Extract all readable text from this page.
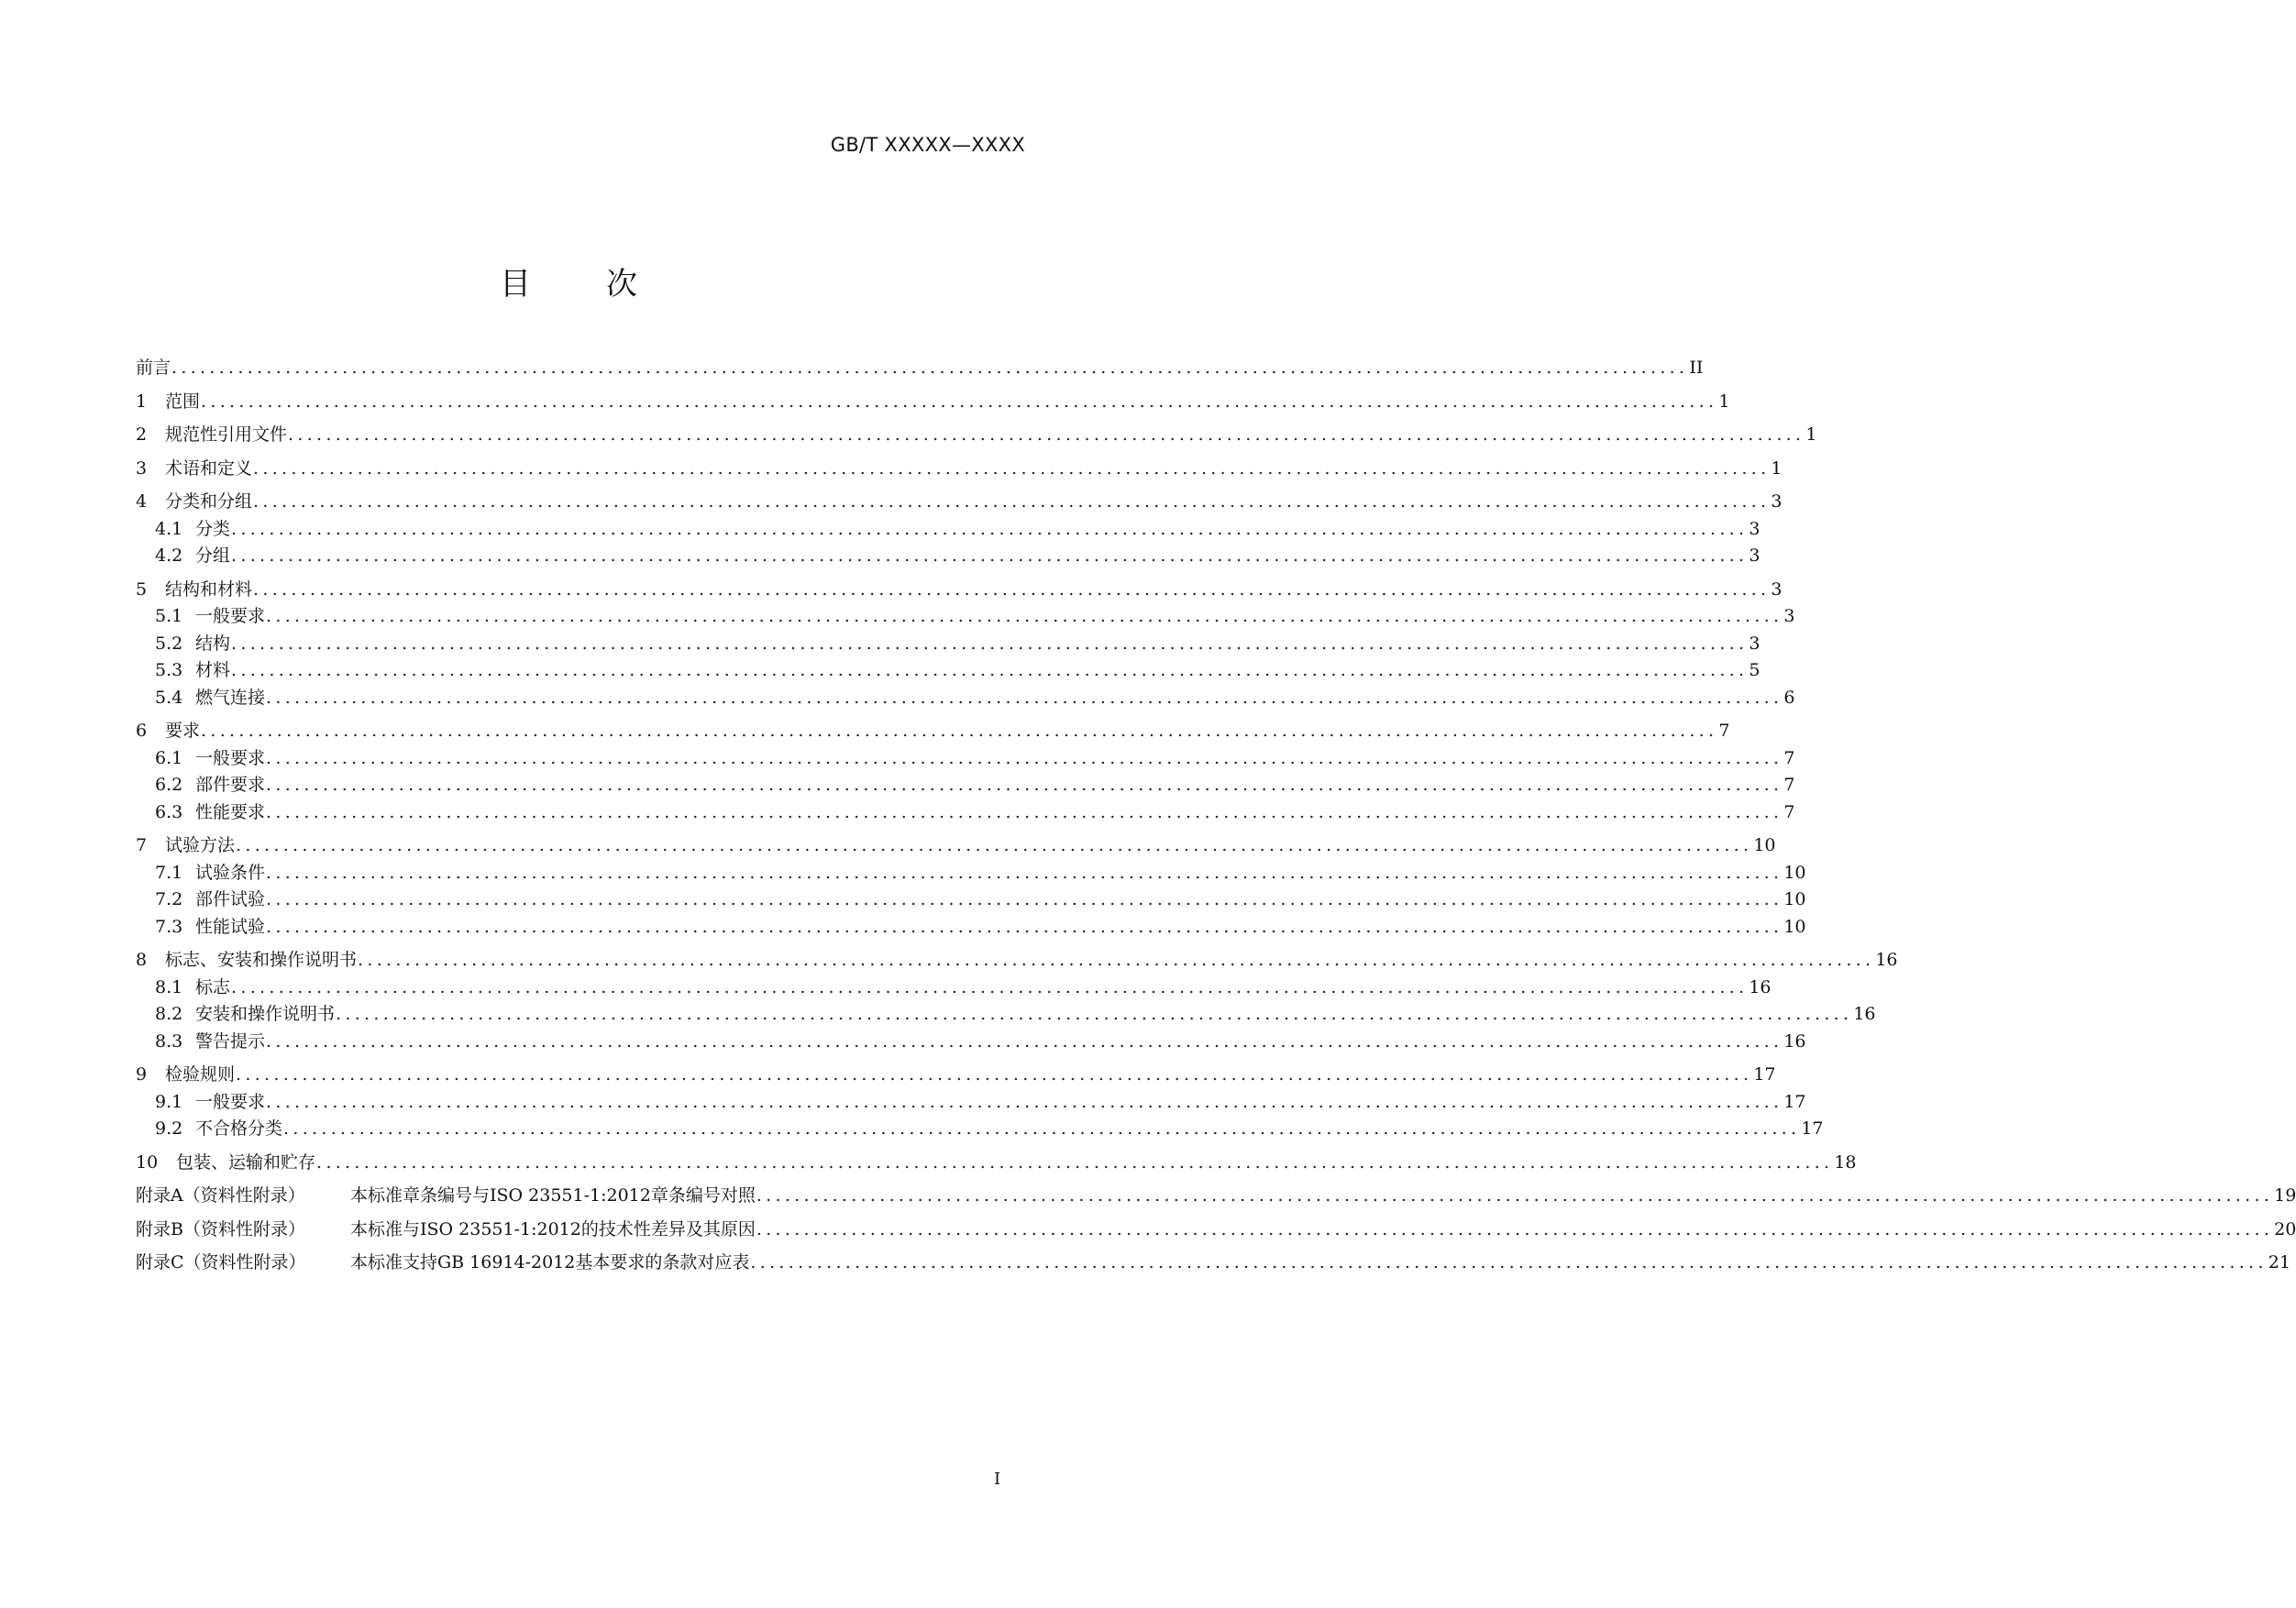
GB/T XXXXX—XXXX
目 次
前言 ................................................................................................................................................................ II
1	范围 ................................................................................................................................................................ 1
2	规范性引用文件 ................................................................................................................................................................ 1
3	术语和定义 ................................................................................................................................................................ 1
4	分类和分组 ................................................................................................................................................................ 3
4.1 分类 ................................................................................................................................................................ 3
4.2 分组 ................................................................................................................................................................ 3
5	结构和材料 ................................................................................................................................................................ 3
5.1 一般要求 ................................................................................................................................................................ 3
5.2 结构 ................................................................................................................................................................ 3
5.3 材料 ................................................................................................................................................................ 5
5.4 燃气连接 ................................................................................................................................................................ 6
6	要求 ................................................................................................................................................................ 7
6.1 一般要求 ................................................................................................................................................................ 7
6.2 部件要求 ................................................................................................................................................................ 7
6.3 性能要求 ................................................................................................................................................................ 7
7	试验方法 ................................................................................................................................................................ 10
7.1 试验条件 ................................................................................................................................................................ 10
7.2 部件试验 ................................................................................................................................................................ 10
7.3 性能试验 ................................................................................................................................................................ 10
8	标志、安装和操作说明书 ................................................................................................................................................................ 16
8.1 标志 ................................................................................................................................................................ 16
8.2 安装和操作说明书 ................................................................................................................................................................ 16
8.3 警告提示 ................................................................................................................................................................ 16
9	检验规则 ................................................................................................................................................................ 17
9.1 一般要求 ................................................................................................................................................................ 17
9.2 不合格分类 ................................................................................................................................................................ 17
10	包装、运输和贮存 ................................................................................................................................................................ 18
附录A（资料性附录）	本标准章条编号与ISO 23551-1:2012章条编号对照 ................................................................................................................................................................ 19
附录B（资料性附录）	本标准与ISO 23551-1:2012的技术性差异及其原因 ................................................................................................................................................................ 20
附录C（资料性附录）	本标准支持GB 16914-2012基本要求的条款对应表 ................................................................................................................................................................ 21
I
